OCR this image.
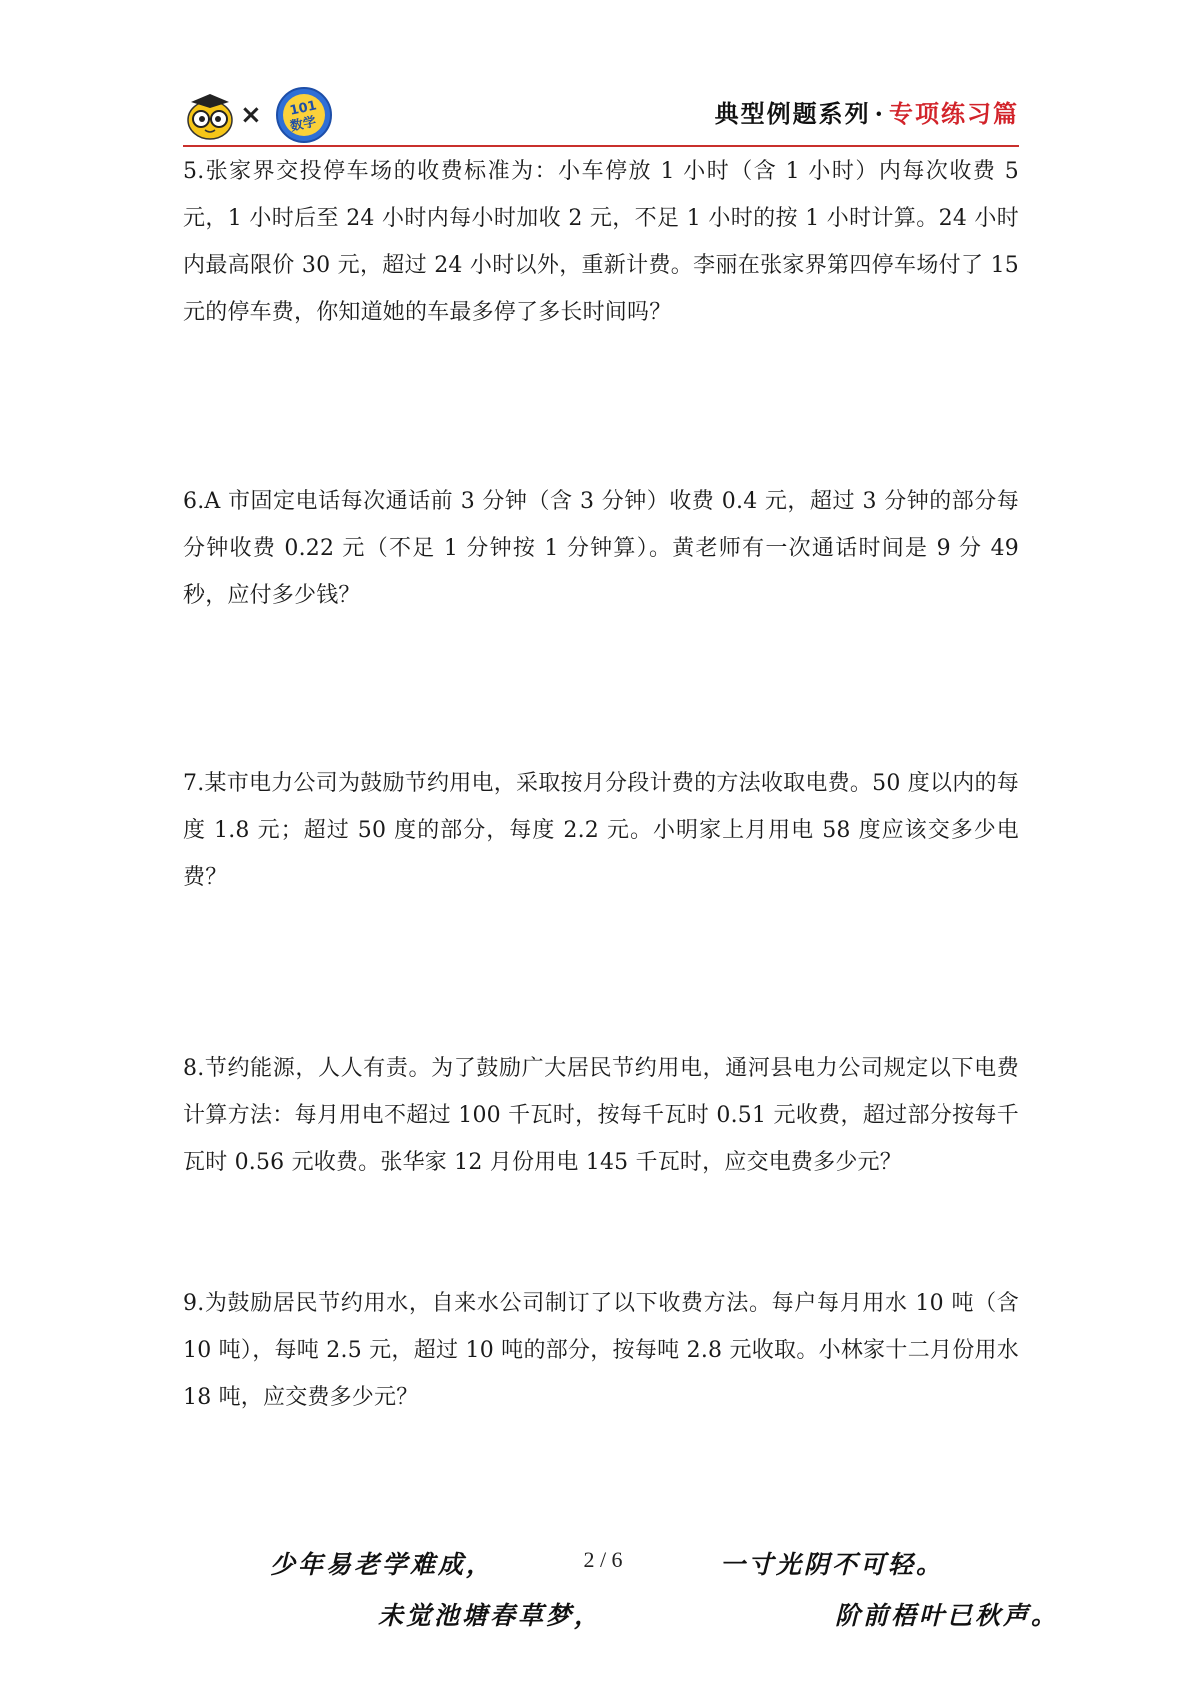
× 101
数学	典型例题系列 · 专项练习篇
5.张家界交投停车场的收费标准为：小车停放 1 小时（含 1 小时）内每次收费 5 元，1 小时后至 24 小时内每小时加收 2 元，不足 1 小时的按 1 小时计算。24 小时内最高限价 30 元，超过 24 小时以外，重新计费。李丽在张家界第四停车场付了 15 元的停车费，你知道她的车最多停了多长时间吗？
6.A 市固定电话每次通话前 3 分钟（含 3 分钟）收费 0.4 元，超过 3 分钟的部分每分钟收费 0.22 元（不足 1 分钟按 1 分钟算）。黄老师有一次通话时间是 9 分 49 秒，应付多少钱？
7.某市电力公司为鼓励节约用电，采取按月分段计费的方法收取电费。50 度以内的每度 1.8 元；超过 50 度的部分，每度 2.2 元。小明家上月用电 58 度应该交多少电费？
8.节约能源，人人有责。为了鼓励广大居民节约用电，通河县电力公司规定以下电费计算方法：每月用电不超过 100 千瓦时，按每千瓦时 0.51 元收费，超过部分按每千瓦时 0.56 元收费。张华家 12 月份用电 145 千瓦时，应交电费多少元？
9.为鼓励居民节约用水，自来水公司制订了以下收费方法。每户每月用水 10 吨（含 10 吨），每吨 2.5 元，超过 10 吨的部分，按每吨 2.8 元收取。小林家十二月份用水 18 吨，应交费多少元？
少年易老学难成，	2 / 6	一寸光阴不可轻。
未觉池塘春草梦，	阶前梧叶已秋声。
